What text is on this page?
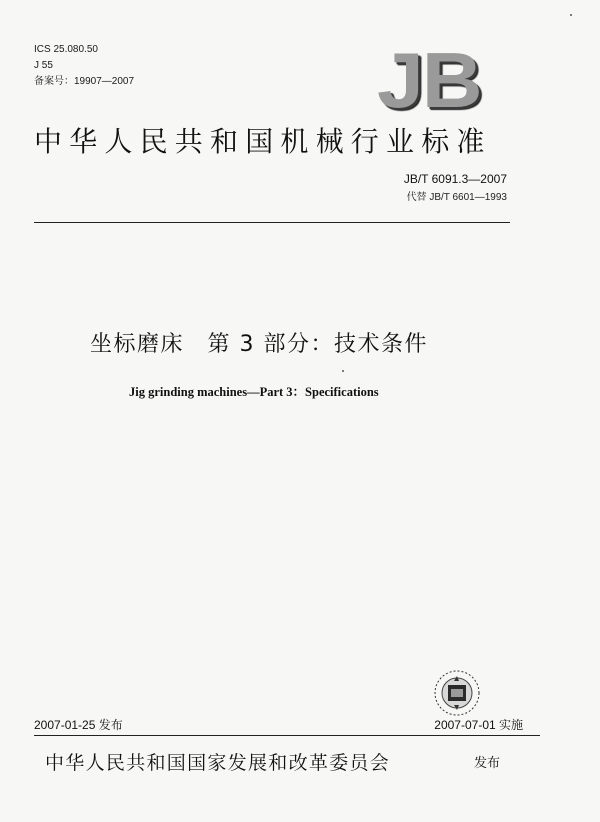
ICS 25.080.50
J 55
备案号：19907—2007	JB
中华人民共和国机械行业标准
JB/T 6091.3—2007
代替 JB/T 6601—1993
坐标磨床　第 3 部分：技术条件
Jig grinding machines—Part 3：Specifications
2007-01-25 发布	2007-07-01 实施
中华人民共和国国家发展和改革委员会	发布
